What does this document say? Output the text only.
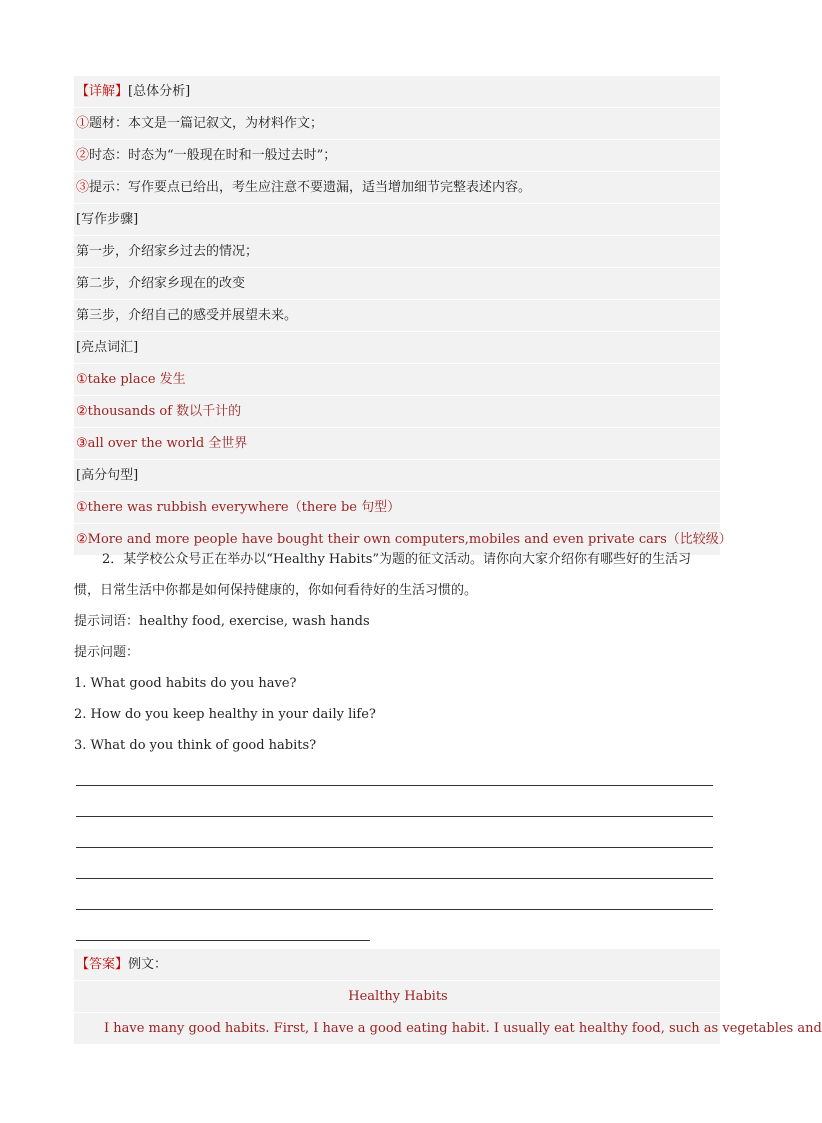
【详解】[总体分析]
①题材：本文是一篇记叙文，为材料作文；
②时态：时态为“一般现在时和一般过去时”；
③提示：写作要点已给出，考生应注意不要遗漏，适当增加细节完整表述内容。
[写作步骤]
第一步，介绍家乡过去的情况；
第二步，介绍家乡现在的改变
第三步，介绍自己的感受并展望未来。
[亮点词汇]
①take place 发生
②thousands of 数以千计的
③all over the world 全世界
[高分句型]
①there was rubbish everywhere（there be 句型）
②More and more people have bought their own computers,mobiles and even private cars（比较级）
2．某学校公众号正在举办以“Healthy Habits”为题的征文活动。请你向大家介绍你有哪些好的生活习
惯，日常生活中你都是如何保持健康的，你如何看待好的生活习惯的。
提示词语：healthy food, exercise, wash hands
提示问题：
1. What good habits do you have?
2. How do you keep healthy in your daily life?
3. What do you think of good habits?
【答案】例文：
Healthy Habits
I have many good habits. First, I have a good eating habit. I usually eat healthy food, such as vegetables and
